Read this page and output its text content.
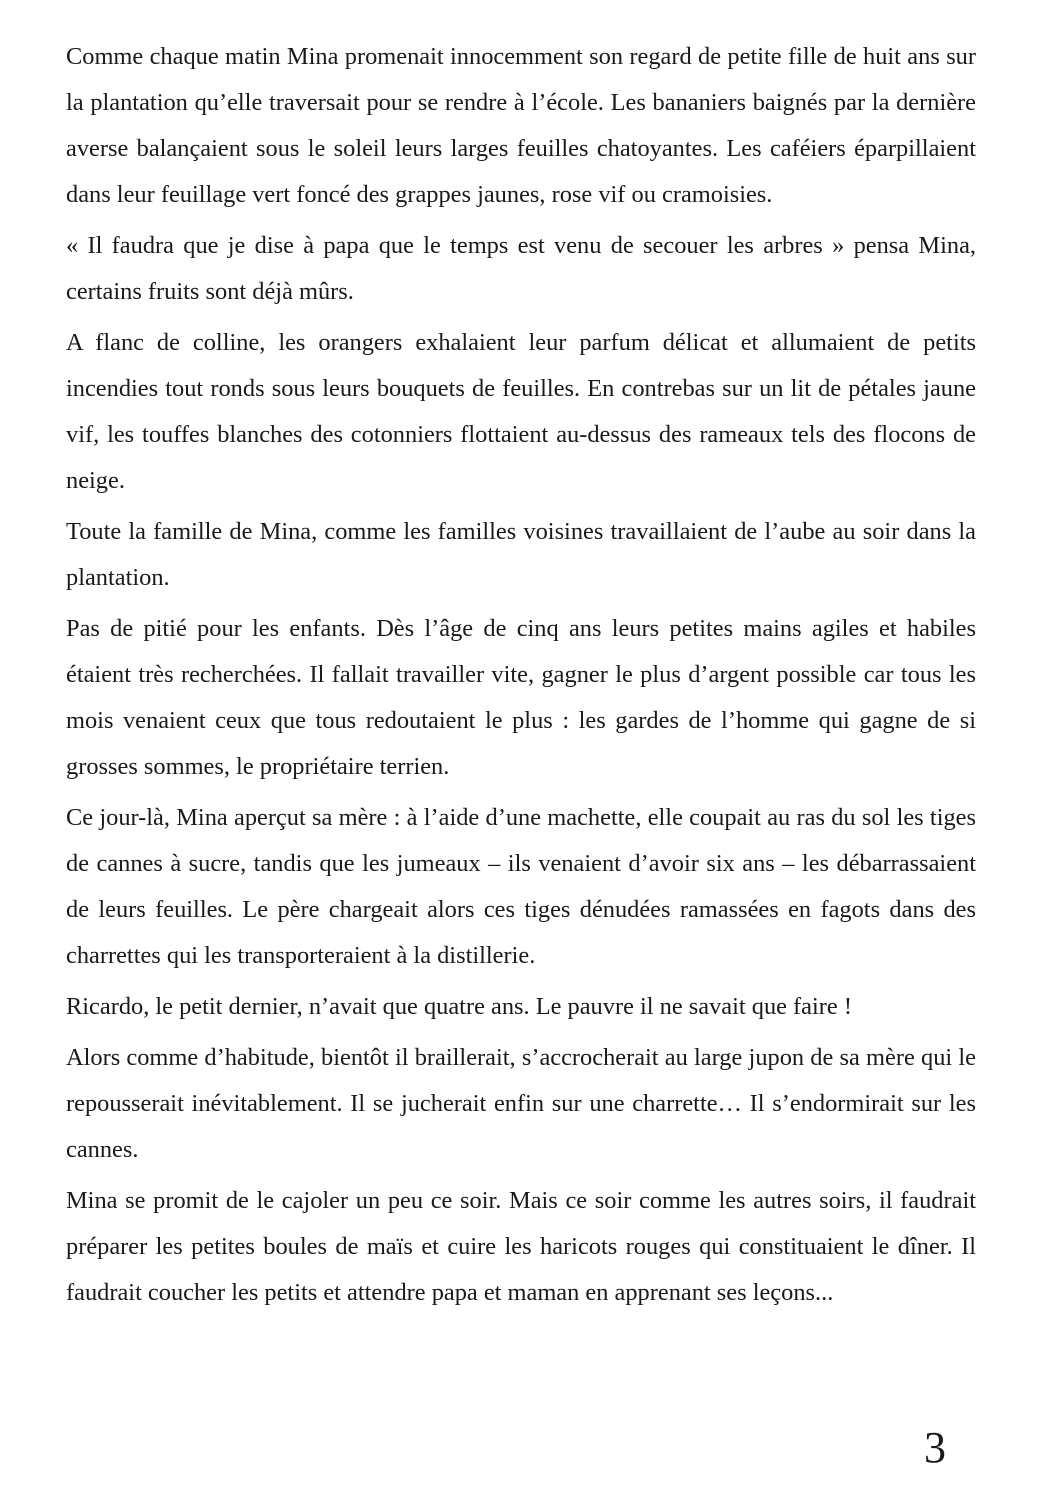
Comme chaque matin Mina promenait innocemment son regard de petite fille de huit ans sur la plantation qu’elle traversait pour se rendre à l’école. Les bananiers baignés par la dernière averse balançaient sous le soleil leurs larges feuilles chatoyantes. Les caféiers éparpillaient dans leur feuillage vert foncé des grappes jaunes, rose vif ou cramoisies.

« Il faudra que je dise à papa que le temps est venu de secouer les arbres » pensa Mina, certains fruits sont déjà mûrs.

A flanc de colline, les orangers exhalaient leur parfum délicat et allumaient de petits incendies tout ronds sous leurs bouquets de feuilles. En contrebas sur un lit de pétales jaune vif, les touffes blanches des cotonniers flottaient au-dessus des rameaux tels des flocons de neige.

Toute la famille de Mina, comme les familles voisines travaillaient de l’aube au soir dans la plantation.

Pas de pitié pour les enfants. Dès l’âge de cinq ans leurs petites mains agiles et habiles étaient très recherchées. Il fallait travailler vite, gagner le plus d’argent possible car tous les mois venaient ceux que tous redoutaient le plus : les gardes de l’homme qui gagne de si grosses sommes, le propriétaire terrien.

Ce jour-là, Mina aperçut sa mère : à l’aide d’une machette, elle coupait au ras du sol les tiges de cannes à sucre, tandis que les jumeaux – ils venaient d’avoir six ans – les débarrassaient de leurs feuilles. Le père chargeait alors ces tiges dénudées ramassées en fagots dans des charrettes qui les transporteraient à la distillerie.

Ricardo, le petit dernier, n’avait que quatre ans. Le pauvre il ne savait que faire !

Alors comme d’habitude, bientôt il braillerait, s’accrocherait au large jupon de sa mère qui le repousserait inévitablement. Il se jucherait enfin sur une charrette… Il s’endormirait sur les cannes.

Mina se promit de le cajoler un peu ce soir. Mais ce soir comme les autres soirs, il faudrait préparer les petites boules de maïs et cuire les haricots rouges qui constituaient le dîner. Il faudrait coucher les petits et attendre papa et maman en apprenant ses leçons...

3
